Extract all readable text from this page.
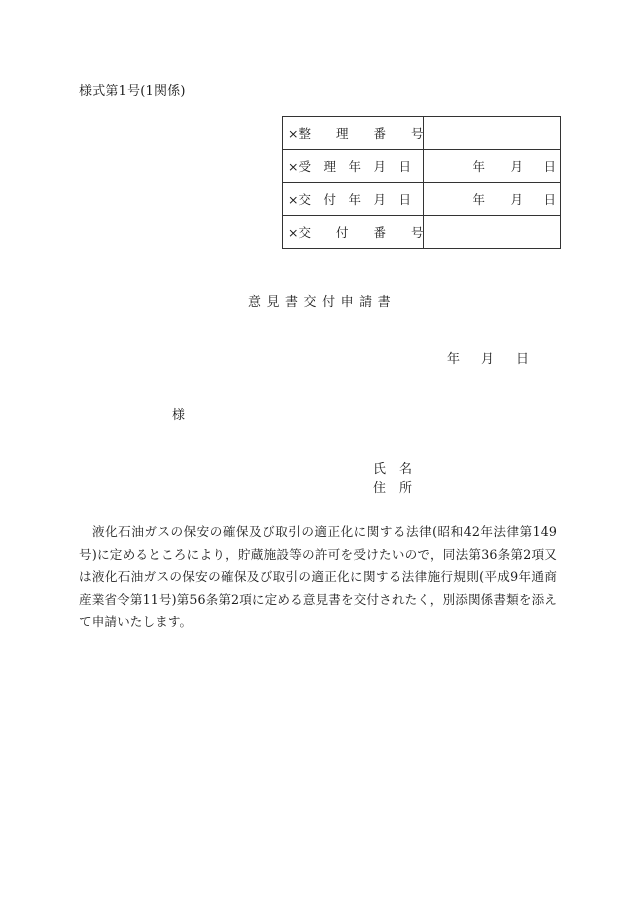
様式第1号(1関係)
×整　　理　　番　　号	
×受　理　年　月　日	年 月 日

×交　付　年　月　日	年 月 日

×交　　付　　番　　号	
意 見 書 交 付 申 請 書
年 月 日
様
氏　名
住　所
液化石油ガスの保安の確保及び取引の適正化に関する法律(昭和42年法律第149号)に定めるところにより，貯蔵施設等の許可を受けたいので，同法第36条第2項又は液化石油ガスの保安の確保及び取引の適正化に関する法律施行規則(平成9年通商産業省令第11号)第56条第2項に定める意見書を交付されたく，別添関係書類を添えて申請いたします。
